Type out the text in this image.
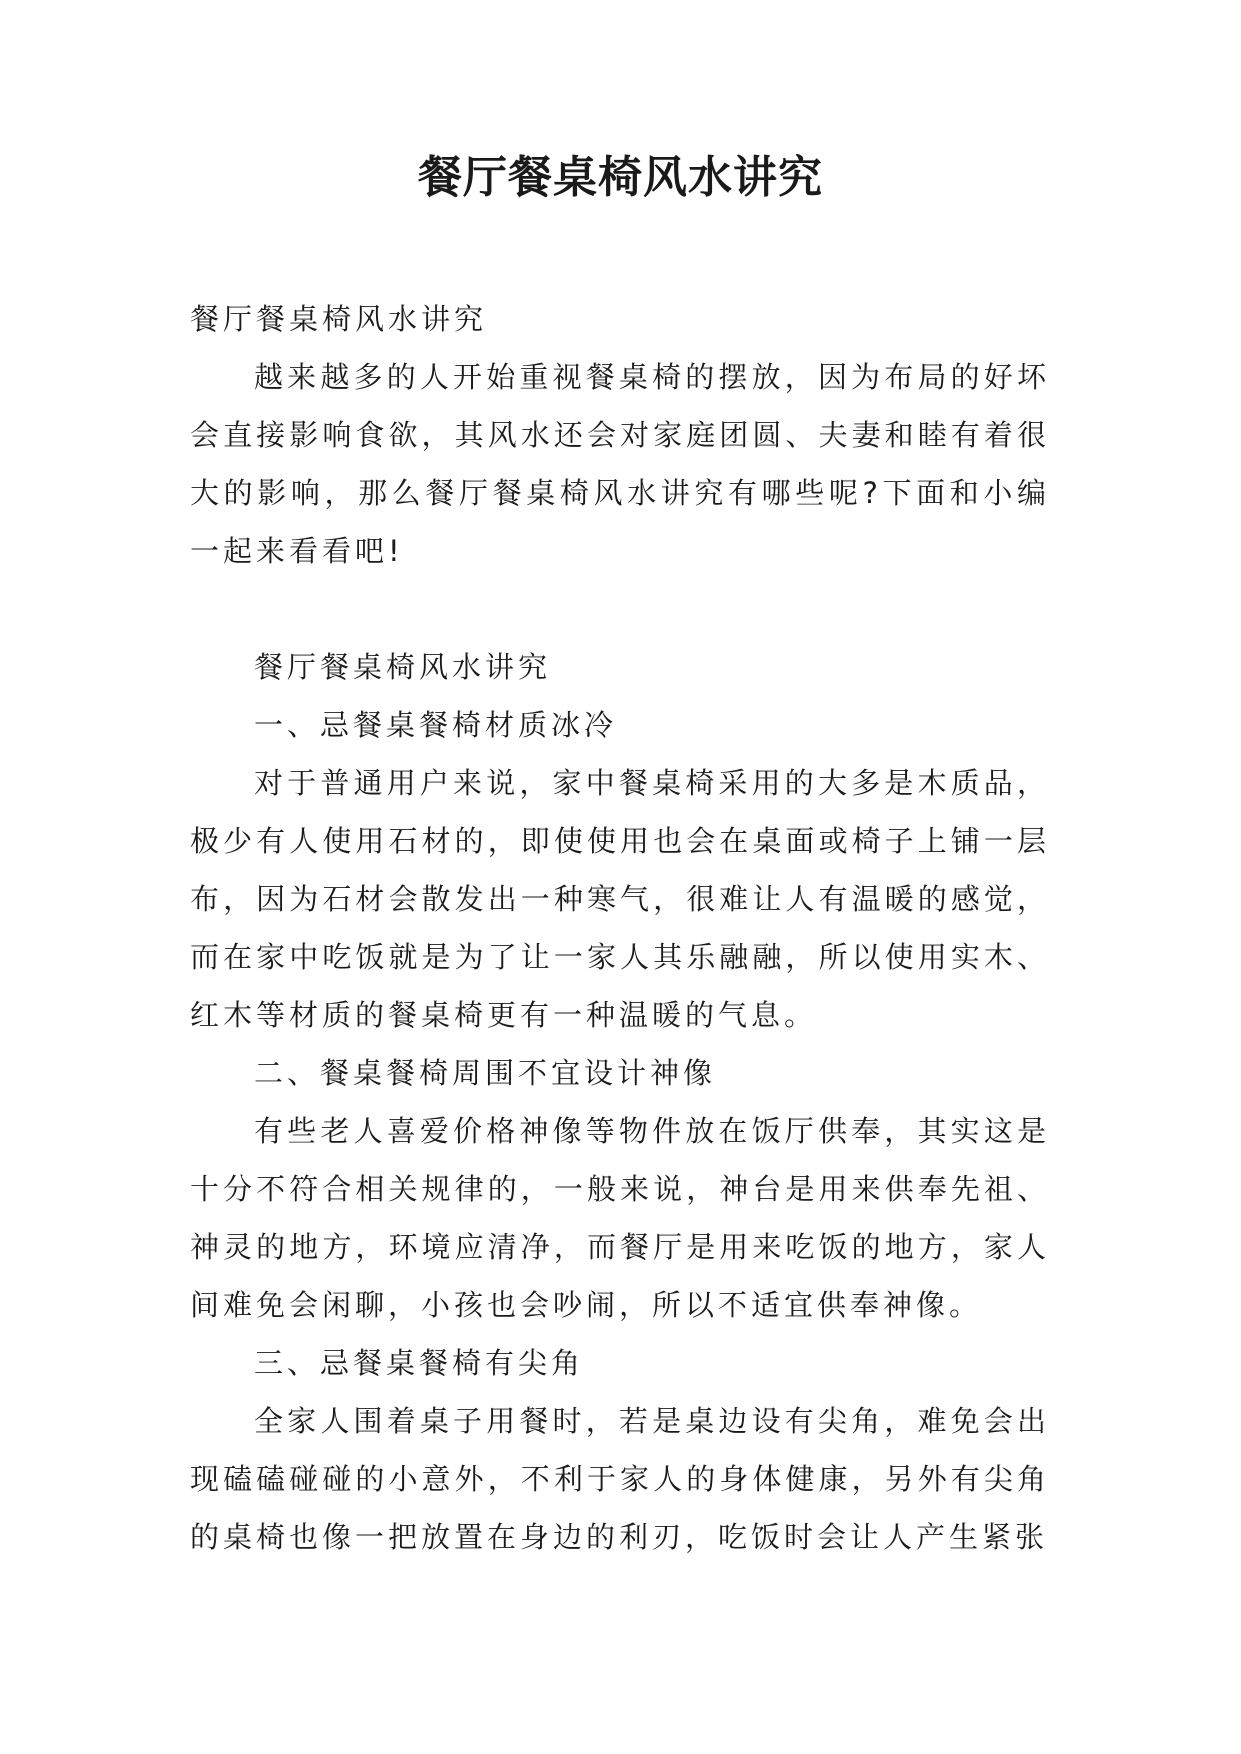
餐厅餐桌椅风水讲究

餐厅餐桌椅风水讲究

越来越多的人开始重视餐桌椅的摆放，因为布局的好坏会直接影响食欲，其风水还会对家庭团圆、夫妻和睦有着很大的影响，那么餐厅餐桌椅风水讲究有哪些呢?下面和小编一起来看看吧!

餐厅餐桌椅风水讲究

一、忌餐桌餐椅材质冰冷

对于普通用户来说，家中餐桌椅采用的大多是木质品，极少有人使用石材的，即使使用也会在桌面或椅子上铺一层布，因为石材会散发出一种寒气，很难让人有温暖的感觉，而在家中吃饭就是为了让一家人其乐融融，所以使用实木、红木等材质的餐桌椅更有一种温暖的气息。

二、餐桌餐椅周围不宜设计神像

有些老人喜爱价格神像等物件放在饭厅供奉，其实这是十分不符合相关规律的，一般来说，神台是用来供奉先祖、神灵的地方，环境应清净，而餐厅是用来吃饭的地方，家人间难免会闲聊，小孩也会吵闹，所以不适宜供奉神像。

三、忌餐桌餐椅有尖角

全家人围着桌子用餐时，若是桌边设有尖角，难免会出现磕磕碰碰的小意外，不利于家人的身体健康，另外有尖角的桌椅也像一把放置在身边的利刃，吃饭时会让人产生紧张
